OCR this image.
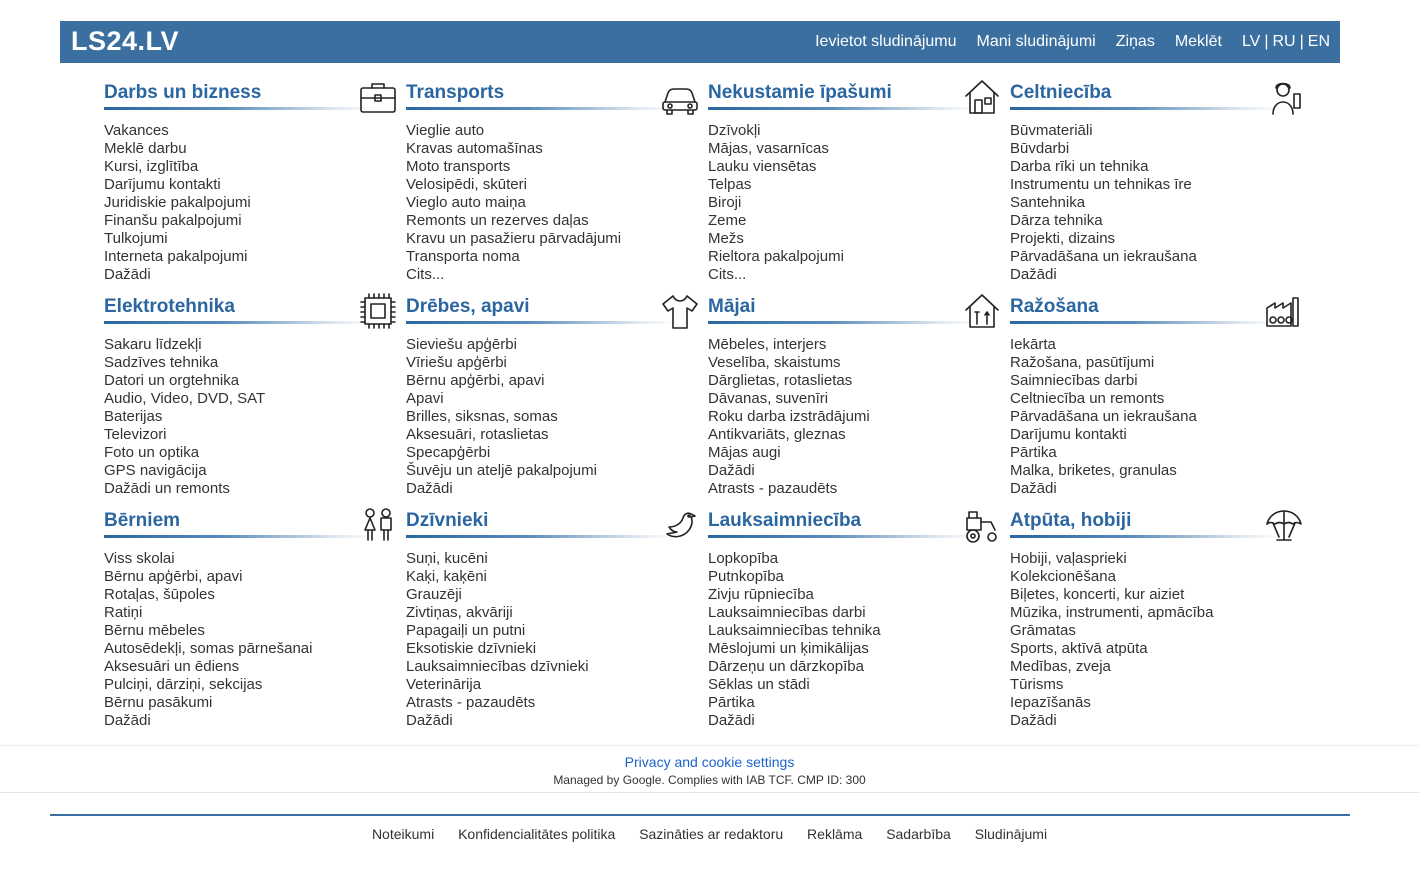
LS24.LV	Ievietot sludinājumu Mani sludinājumi Ziņas Meklēt LV | RU | EN
Darbs un bizness
Vakances
Meklē darbu
Kursi, izglītība
Darījumu kontakti
Juridiskie pakalpojumi
Finanšu pakalpojumi
Tulkojumi
Interneta pakalpojumi
Dažādi
Transports
Vieglie auto
Kravas automašīnas
Moto transports
Velosipēdi, skūteri
Vieglo auto maiņa
Remonts un rezerves daļas
Kravu un pasažieru pārvadājumi
Transporta noma
Cits...
Nekustamie īpašumi
Dzīvokļi
Mājas, vasarnīcas
Lauku viensētas
Telpas
Biroji
Zeme
Mežs
Rieltora pakalpojumi
Cits...
Celtniecība
Būvmateriāli
Būvdarbi
Darba rīki un tehnika
Instrumentu un tehnikas īre
Santehnika
Dārza tehnika
Projekti, dizains
Pārvadāšana un iekraušana
Dažādi
Elektrotehnika
Sakaru līdzekļi
Sadzīves tehnika
Datori un orgtehnika
Audio, Video, DVD, SAT
Baterijas
Televizori
Foto un optika
GPS navigācija
Dažādi un remonts
Drēbes, apavi
Sieviešu apģērbi
Vīriešu apģērbi
Bērnu apģērbi, apavi
Apavi
Brilles, siksnas, somas
Aksesuāri, rotaslietas
Specapģērbi
Šuvēju un ateljē pakalpojumi
Dažādi
Mājai
Mēbeles, interjers
Veselība, skaistums
Dārglietas, rotaslietas
Dāvanas, suvenīri
Roku darba izstrādājumi
Antikvariāts, gleznas
Mājas augi
Dažādi
Atrasts - pazaudēts
Ražošana
Iekārta
Ražošana, pasūtījumi
Saimniecības darbi
Celtniecība un remonts
Pārvadāšana un iekraušana
Darījumu kontakti
Pārtika
Malka, briketes, granulas
Dažādi
Bērniem
Viss skolai
Bērnu apģērbi, apavi
Rotaļas, šūpoles
Ratiņi
Bērnu mēbeles
Autosēdekļi, somas pārnešanai
Aksesuāri un ēdiens
Pulciņi, dārziņi, sekcijas
Bērnu pasākumi
Dažādi
Dzīvnieki
Suņi, kucēni
Kaķi, kaķēni
Grauzēji
Zivtiņas, akvāriji
Papagaiļi un putni
Eksotiskie dzīvnieki
Lauksaimniecības dzīvnieki
Veterinārija
Atrasts - pazaudēts
Dažādi
Lauksaimniecība
Lopkopība
Putnkopība
Zivju rūpniecība
Lauksaimniecības darbi
Lauksaimniecības tehnika
Mēslojumi un ķimikālijas
Dārzeņu un dārzkopība
Sēklas un stādi
Pārtika
Dažādi
Atpūta, hobiji
Hobiji, vaļasprieki
Kolekcionēšana
Biļetes, koncerti, kur aiziet
Mūzika, instrumenti, apmācība
Grāmatas
Sports, aktīvā atpūta
Medības, zveja
Tūrisms
Iepazīšanās
Dažādi
Privacy and cookie settings
Managed by Google. Complies with IAB TCF. CMP ID: 300
Noteikumi Konfidencialitātes politika Sazināties ar redaktoru Reklāma Sadarbība Sludinājumi
